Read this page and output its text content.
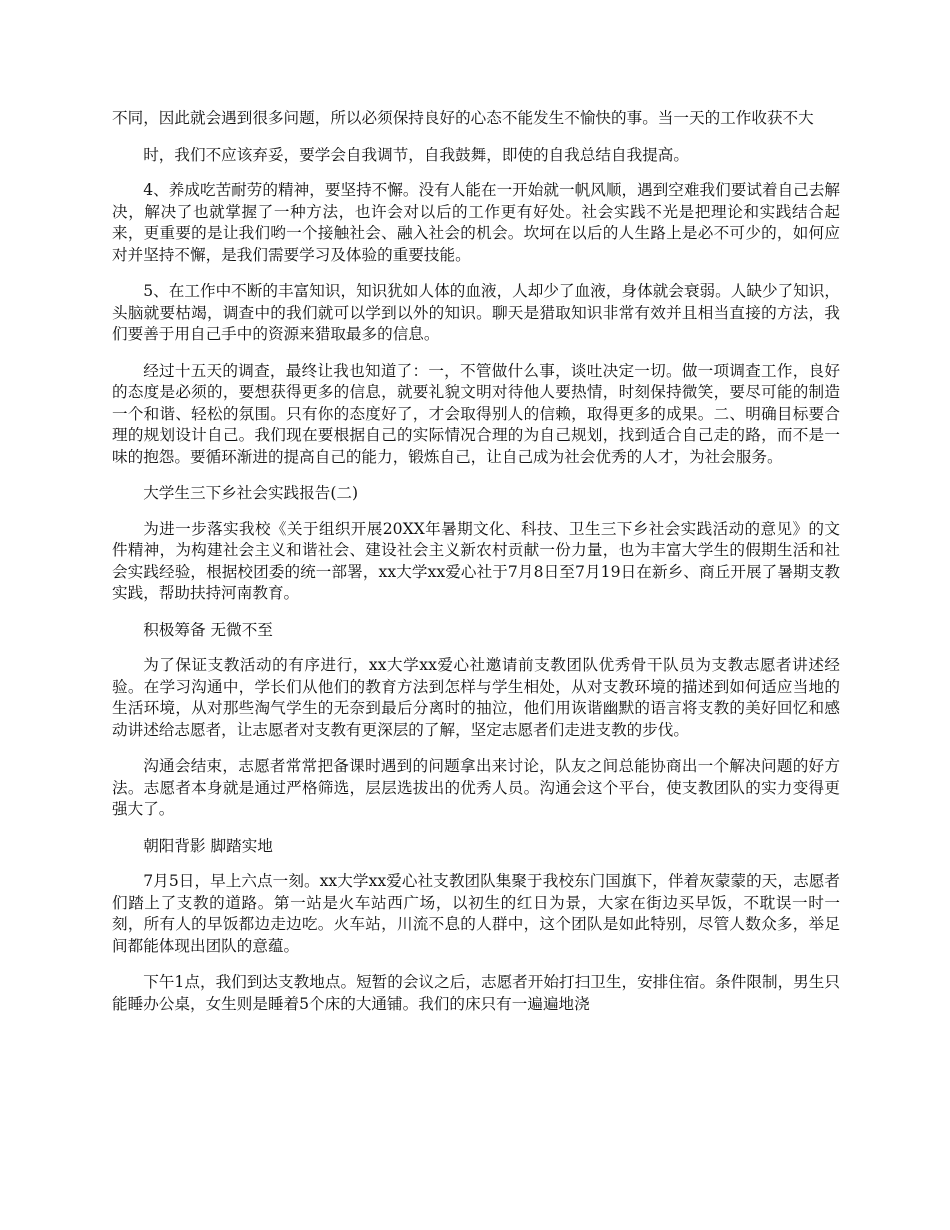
不同，因此就会遇到很多问题，所以必须保持良好的心态不能发生不愉快的事。当一天的工作收获不大

时，我们不应该弃妥，要学会自我调节，自我鼓舞，即使的自我总结自我提高。

4、养成吃苦耐劳的精神，要坚持不懈。没有人能在一开始就一帆风顺，遇到空难我们要试着自己去解决，解决了也就掌握了一种方法，也许会对以后的工作更有好处。社会实践不光是把理论和实践结合起来，更重要的是让我们哟一个接触社会、融入社会的机会。坎坷在以后的人生路上是必不可少的，如何应对并坚持不懈，是我们需要学习及体验的重要技能。

5、在工作中不断的丰富知识，知识犹如人体的血液，人却少了血液，身体就会衰弱。人缺少了知识，头脑就要枯竭，调查中的我们就可以学到以外的知识。聊天是猎取知识非常有效并且相当直接的方法，我们要善于用自己手中的资源来猎取最多的信息。

经过十五天的调查，最终让我也知道了：一，不管做什么事，谈吐决定一切。做一项调查工作，良好的态度是必须的，要想获得更多的信息，就要礼貌文明对待他人要热情，时刻保持微笑，要尽可能的制造一个和谐、轻松的氛围。只有你的态度好了，才会取得别人的信赖，取得更多的成果。二、明确目标要合理的规划设计自己。我们现在要根据自己的实际情况合理的为自己规划，找到适合自己走的路，而不是一味的抱怨。要循环渐进的提高自己的能力，锻炼自己，让自己成为社会优秀的人才，为社会服务。

大学生三下乡社会实践报告(二)

为进一步落实我校《关于组织开展20XX年暑期文化、科技、卫生三下乡社会实践活动的意见》的文件精神，为构建社会主义和谐社会、建设社会主义新农村贡献一份力量，也为丰富大学生的假期生活和社会实践经验，根据校团委的统一部署，xx大学xx爱心社于7月8日至7月19日在新乡、商丘开展了暑期支教实践，帮助扶持河南教育。

积极筹备 无微不至

为了保证支教活动的有序进行，xx大学xx爱心社邀请前支教团队优秀骨干队员为支教志愿者讲述经验。在学习沟通中，学长们从他们的教育方法到怎样与学生相处，从对支教环境的描述到如何适应当地的生活环境，从对那些淘气学生的无奈到最后分离时的抽泣，他们用诙谐幽默的语言将支教的美好回忆和感动讲述给志愿者，让志愿者对支教有更深层的了解，坚定志愿者们走进支教的步伐。

沟通会结束，志愿者常常把备课时遇到的问题拿出来讨论，队友之间总能协商出一个解决问题的好方法。志愿者本身就是通过严格筛选，层层选拔出的优秀人员。沟通会这个平台，使支教团队的实力变得更强大了。

朝阳背影 脚踏实地

7月5日，早上六点一刻。xx大学xx爱心社支教团队集聚于我校东门国旗下，伴着灰蒙蒙的天，志愿者们踏上了支教的道路。第一站是火车站西广场，以初生的红日为景，大家在街边买早饭，不耽误一时一刻，所有人的早饭都边走边吃。火车站，川流不息的人群中，这个团队是如此特别，尽管人数众多，举足间都能体现出团队的意蕴。

下午1点，我们到达支教地点。短暂的会议之后，志愿者开始打扫卫生，安排住宿。条件限制，男生只能睡办公桌，女生则是睡着5个床的大通铺。我们的床只有一遍遍地浇
